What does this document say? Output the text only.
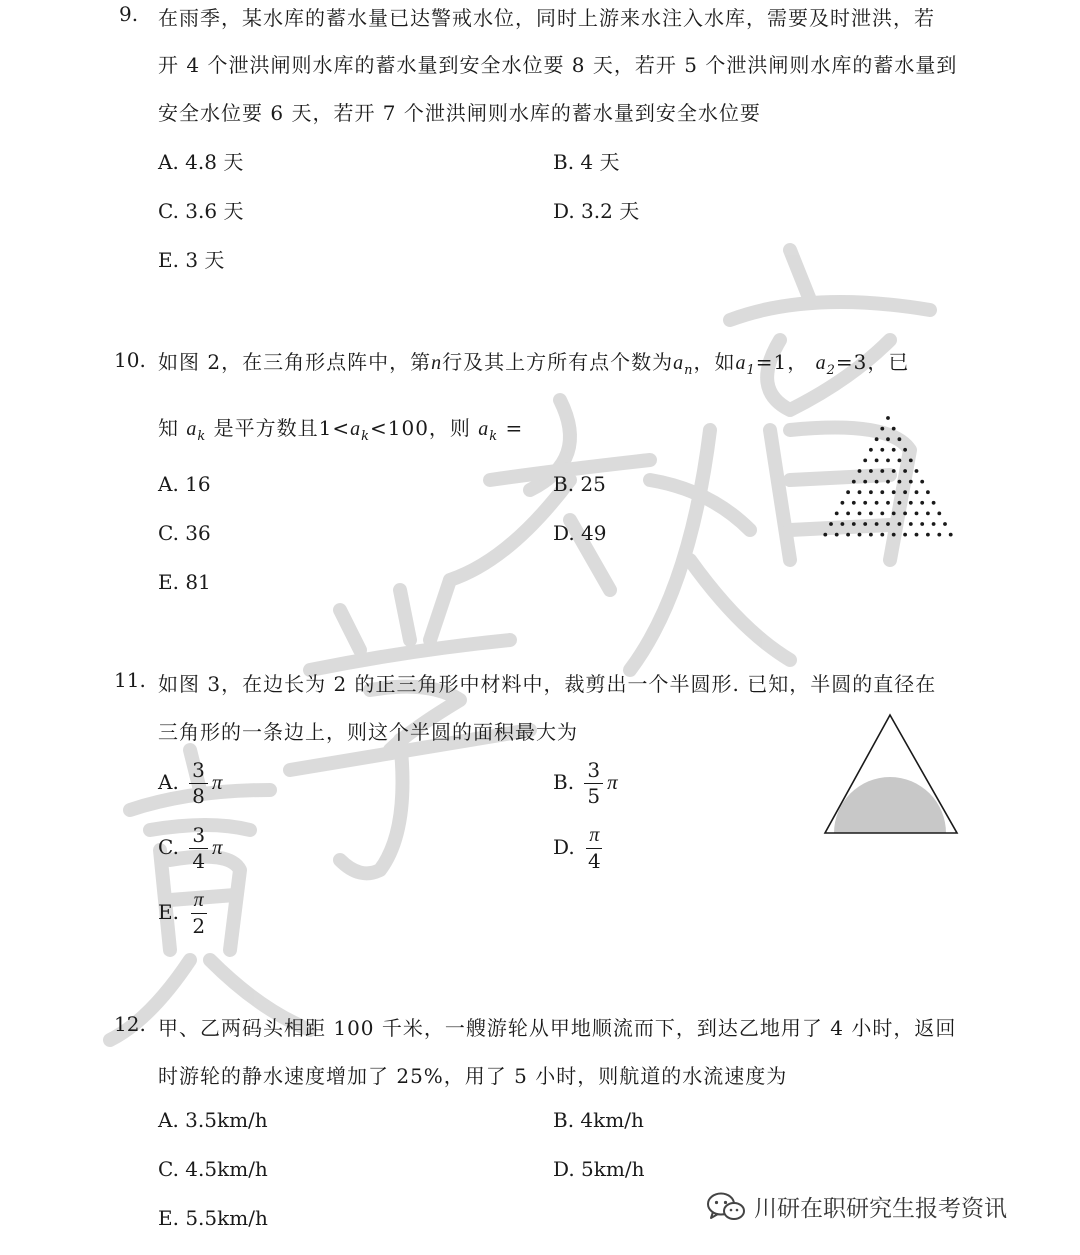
9. 在雨季，某水库的蓄水量已达警戒水位，同时上游来水注入水库，需要及时泄洪，若
开 4 个泄洪闸则水库的蓄水量到安全水位要 8 天，若开 5 个泄洪闸则水库的蓄水量到
安全水位要 6 天，若开 7 个泄洪闸则水库的蓄水量到安全水位要
A. 4.8 天	B. 4 天
C. 3.6 天	D. 3.2 天
E. 3 天
10. 如图 2，在三角形点阵中，第n行及其上方所有点个数为$a_n$，如$a_1=1$， $a_2=3$，已
知 $a_k$ 是平方数且$1<a_k<100$，则 $a_k$ =
A. 16	B. 25
C. 36	D. 49
E. 81
11. 如图 3，在边长为 2 的正三角形中材料中，裁剪出一个半圆形. 已知，半圆的直径在
三角形的一条边上，则这个半圆的面积最大为
A. $\frac{3}{8}$ π	B. $\frac{3}{5}$ π
C. $\frac{3}{4}$ π	D. $\frac{\pi}{4}$
E. $\frac{\pi}{2}$
12. 甲、乙两码头相距 100 千米，一艘游轮从甲地顺流而下，到达乙地用了 4 小时，返回
时游轮的静水速度增加了 25%，用了 5 小时，则航道的水流速度为
A. 3.5km/h	B. 4km/h
C. 4.5km/h	D. 5km/h
E. 5.5km/h	川研在职研究生报考资讯
